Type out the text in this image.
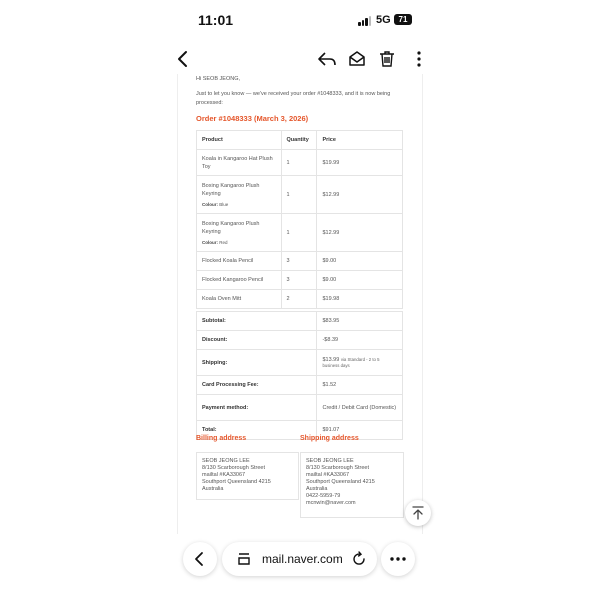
11:01	5G 71
Hi SEOB JEONG,
Just to let you know — we've received your order #1048333, and it is now being processed:
Order #1048333 (March 3, 2026)
Product	Quantity	Price

Koala in Kangaroo Hat Plush Toy	1	$19.99

Boxing Kangaroo Plush Keyring
Colour: Blue	1	$12.99

Boxing Kangaroo Plush Keyring
Colour: Red	1	$12.99
Flocked Koala Pencil	3	$9.00
Flocked Kangaroo Pencil	3	$9.00
Koala Oven Mitt	2	$19.98

Subtotal:		$83.95
Discount:		-$8.39
Shipping:		$13.99 via Standard - 2 to 5 business days
Card Processing Fee:		$1.52
Payment method:		Credit / Debit Card (Domestic)
Total:		$91.07
Billing address	Shipping address
SEOB JEONG LEE
8/130 Scarborough Street
mailtal #KA33067
Southport Queensland 4215
Australia
SEOB JEONG LEE
8/130 Scarborough Street
mailtal #KA33067
Southport Queensland 4215
Australia
0422-5959-79
mcnwin@naver.com
mail.naver.com
